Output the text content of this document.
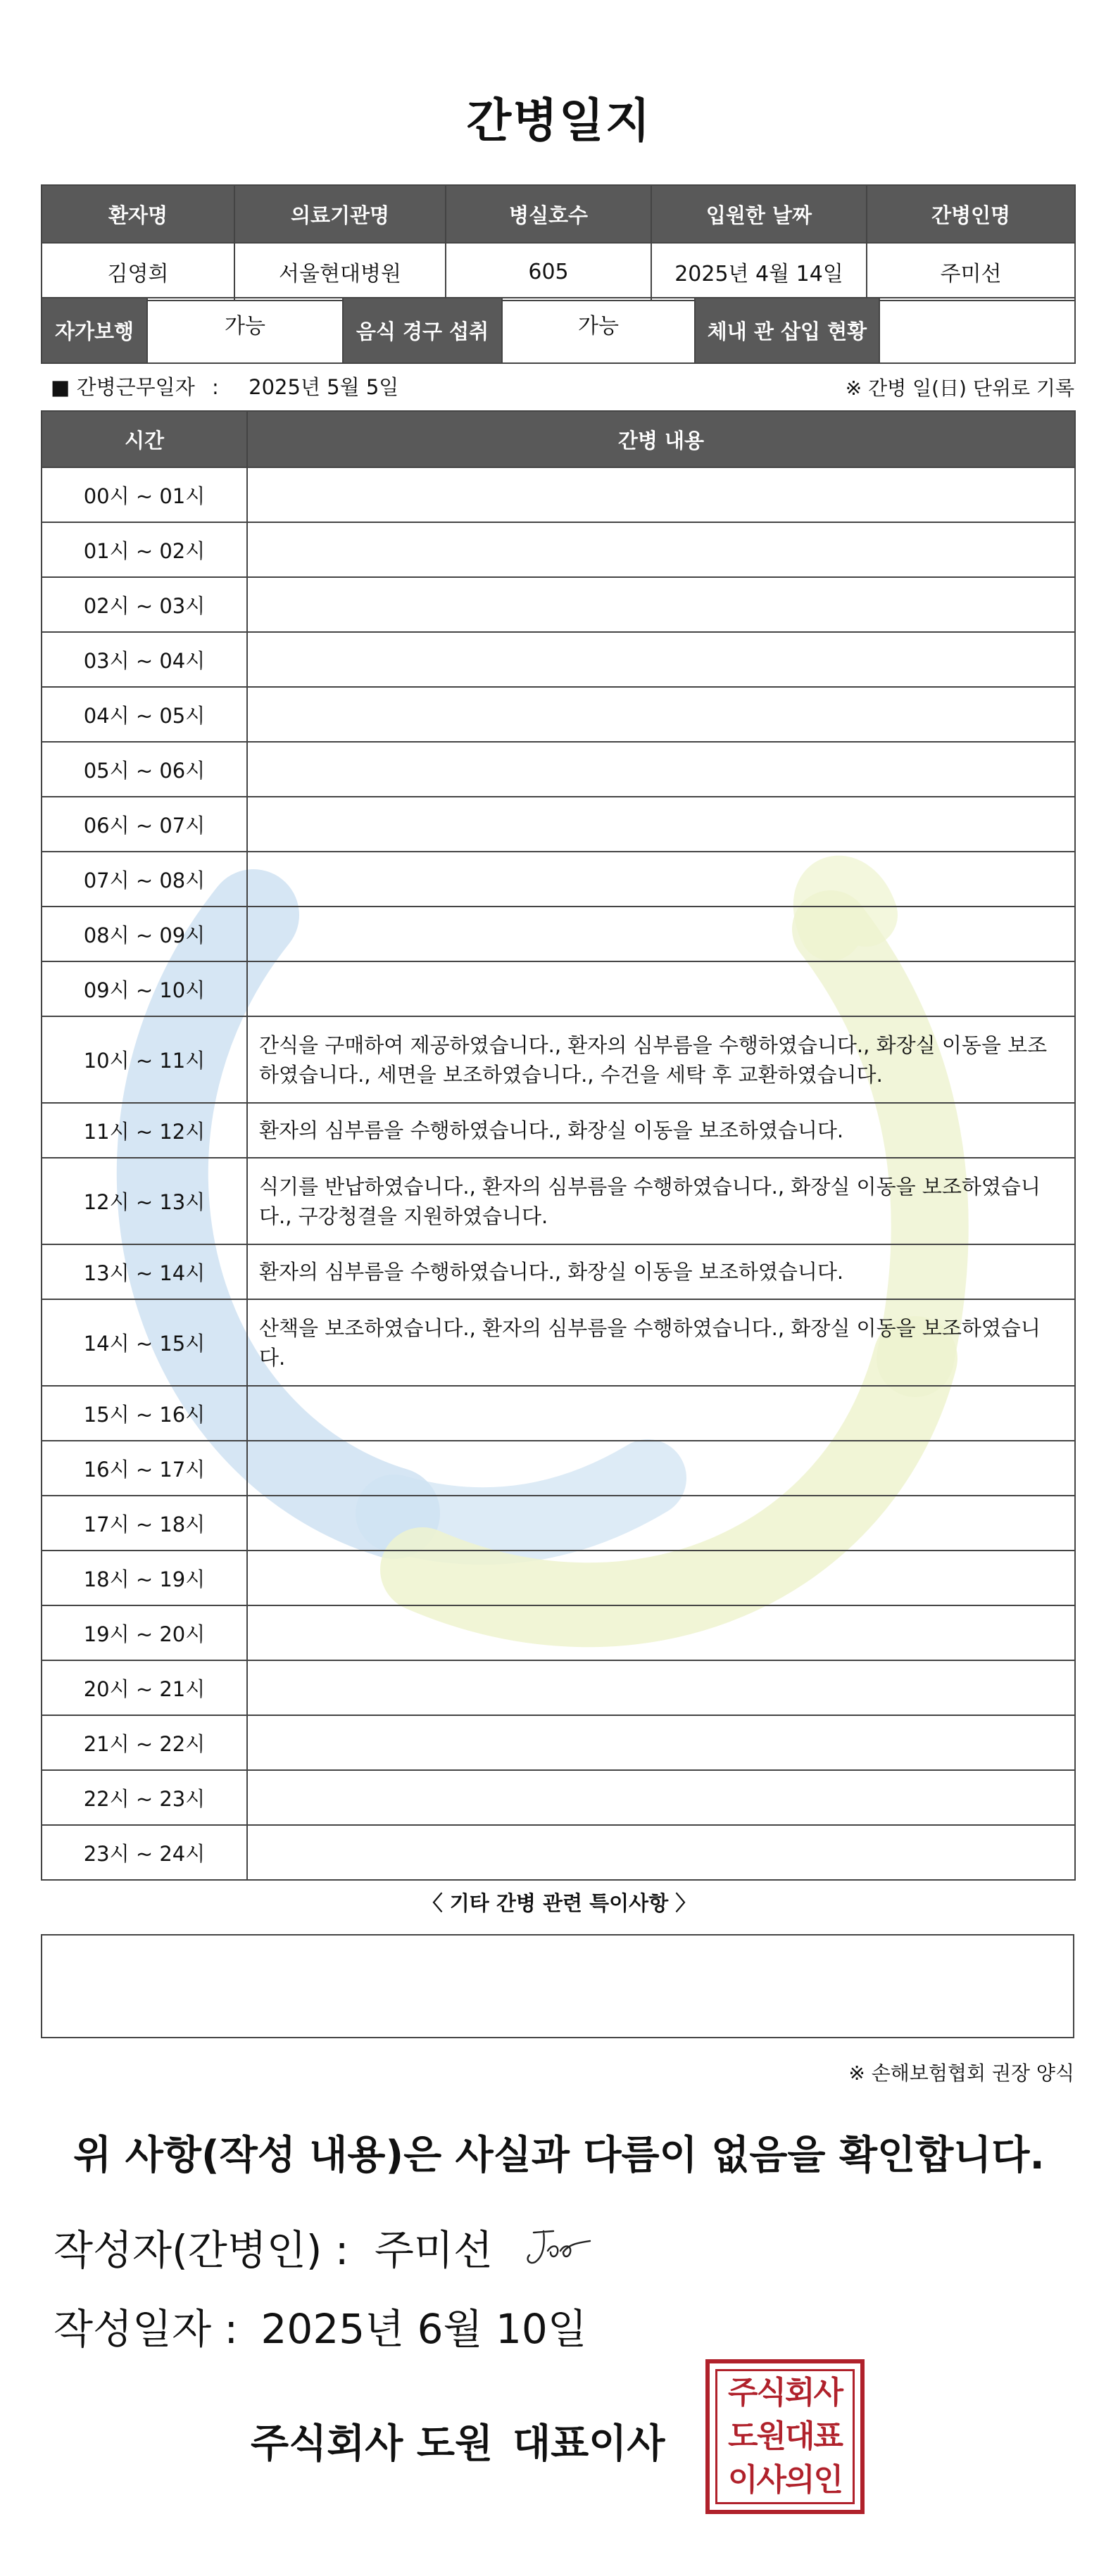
간병일지
환자명	의료기관명	병실호수	입원한 날짜	간병인명
김영희	서울현대병원	605	2025년 4월 14일	주미선
자가보행	가능	음식 경구 섭취	가능	체내 관 삽입 현황	
■ 간병근무일자 : 2025년 5월 5일	※ 간병 일(日) 단위로 기록
시간	간병 내용
00시 ~ 01시	
01시 ~ 02시	
02시 ~ 03시	
03시 ~ 04시	
04시 ~ 05시	
05시 ~ 06시	
06시 ~ 07시	
07시 ~ 08시	
08시 ~ 09시	
09시 ~ 10시	
10시 ~ 11시	간식을 구매하여 제공하였습니다., 환자의 심부름을 수행하였습니다., 화장실 이동을 보조하였습니다., 세면을 보조하였습니다., 수건을 세탁 후 교환하였습니다.
11시 ~ 12시	환자의 심부름을 수행하였습니다., 화장실 이동을 보조하였습니다.
12시 ~ 13시	식기를 반납하였습니다., 환자의 심부름을 수행하였습니다., 화장실 이동을 보조하였습니다., 구강청결을 지원하였습니다.
13시 ~ 14시	환자의 심부름을 수행하였습니다., 화장실 이동을 보조하였습니다.
14시 ~ 15시	산책을 보조하였습니다., 환자의 심부름을 수행하였습니다., 화장실 이동을 보조하였습니다.
15시 ~ 16시	
16시 ~ 17시	
17시 ~ 18시	
18시 ~ 19시	
19시 ~ 20시	
20시 ~ 21시	
21시 ~ 22시	
22시 ~ 23시	
23시 ~ 24시	
〈 기타 간병 관련 특이사항 〉
※ 손해보험협회 권장 양식
위 사항(작성 내용)은 사실과 다름이 없음을 확인합니다.
작성자(간병인) : 주미선
작성일자 : 2025년 6월 10일
주식회사 도원 대표이사
주식회사
도원대표
이사의인
